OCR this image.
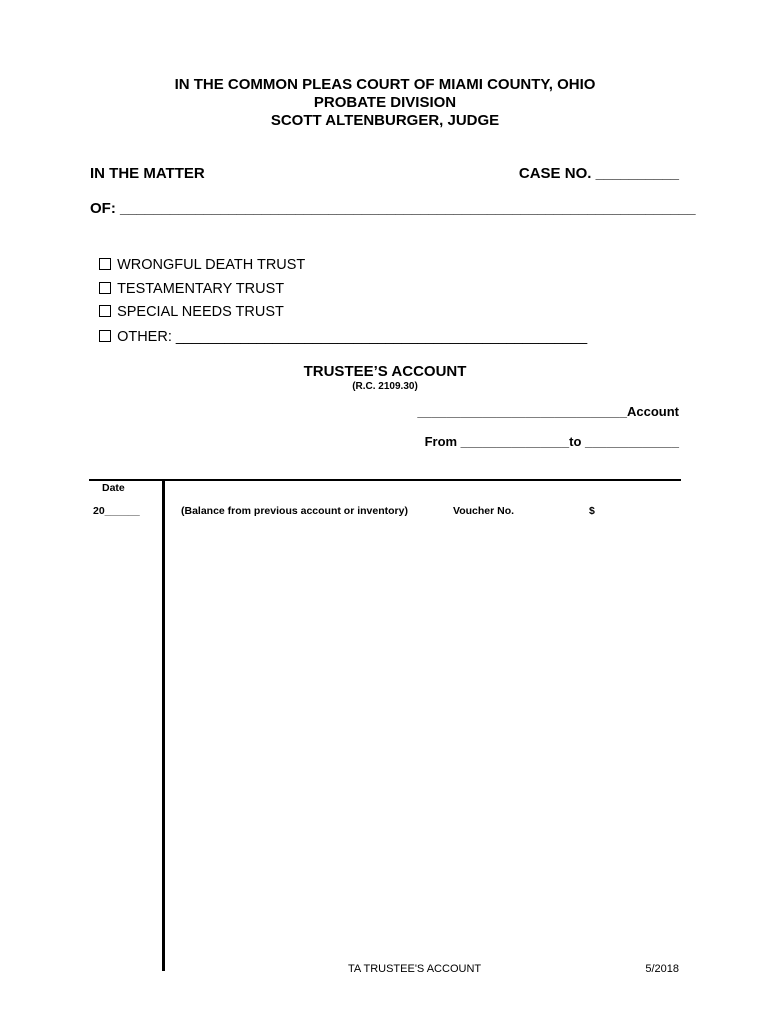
IN THE COMMON PLEAS COURT OF MIAMI COUNTY, OHIO
PROBATE DIVISION
SCOTT ALTENBURGER, JUDGE
IN THE MATTER	CASE NO. __________
OF: _____________________________________________________________________

WRONGFUL DEATH TRUST

TESTAMENTARY TRUST

SPECIAL NEEDS TRUST

OTHER: ___________________________________________________

TRUSTEE’S ACCOUNT
(R.C. 2109.30)
_____________________________Account
From _______________to _____________
Date
20______	(Balance from previous account or inventory)	Voucher No.	$
TA TRUSTEE'S ACCOUNT	5/2018
